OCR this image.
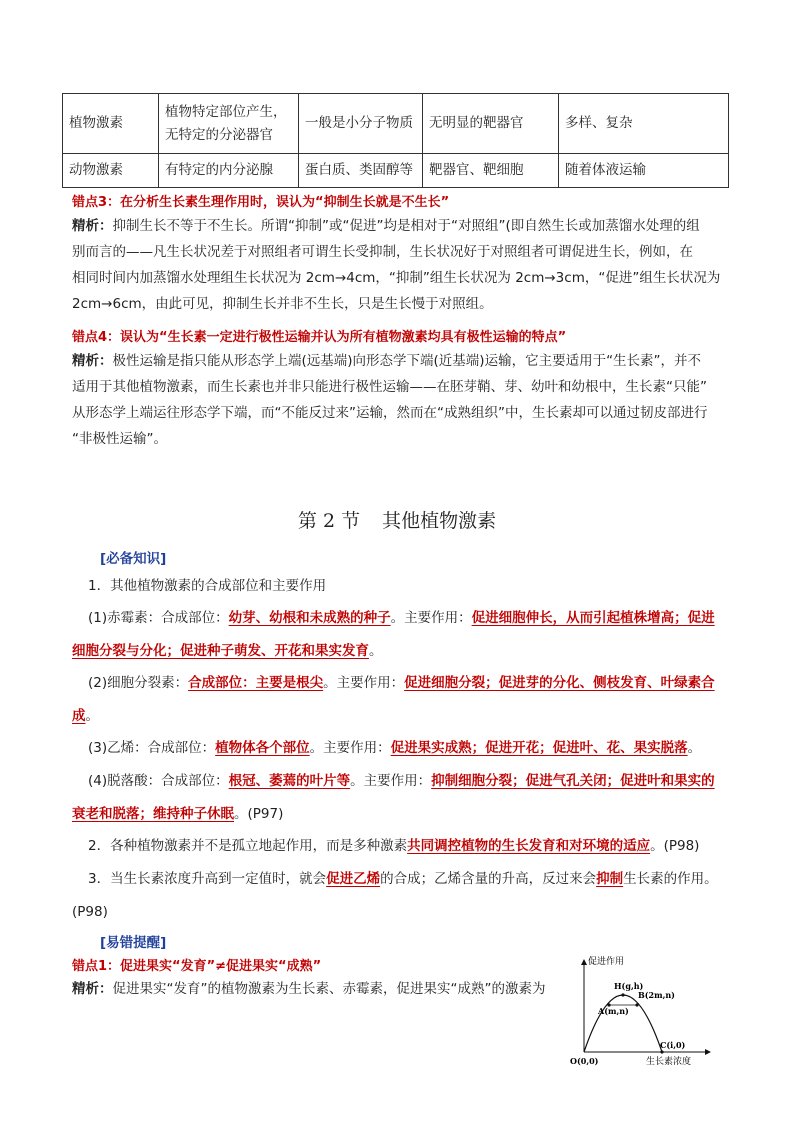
植物激素	植物特定部位产生，无特定的分泌器官	一般是小分子物质	无明显的靶器官	多样、复杂
动物激素	有特定的内分泌腺	蛋白质、类固醇等	靶器官、靶细胞	随着体液运输
错点3：在分析生长素生理作用时，误认为“抑制生长就是不生长”
精析：抑制生长不等于不生长。所谓“抑制”或“促进”均是相对于“对照组”(即自然生长或加蒸馏水处理的组
别而言的——凡生长状况差于对照组者可谓生长受抑制，生长状况好于对照组者可谓促进生长，例如，在
相同时间内加蒸馏水处理组生长状况为 2cm→4cm，“抑制”组生长状况为 2cm→3cm，“促进”组生长状况为
2cm→6cm，由此可见，抑制生长并非不生长，只是生长慢于对照组。
错点4：误认为“生长素一定进行极性运输并认为所有植物激素均具有极性运输的特点”
精析：极性运输是指只能从形态学上端(远基端)向形态学下端(近基端)运输，它主要适用于“生长素”，并不
适用于其他植物激素，而生长素也并非只能进行极性运输——在胚芽鞘、芽、幼叶和幼根中，生长素“只能”
从形态学上端运往形态学下端，而“不能反过来”运输，然而在“成熟组织”中，生长素却可以通过韧皮部进行
“非极性运输”。
第 2 节 其他植物激素
[必备知识]
1．其他植物激素的合成部位和主要作用
(1)赤霉素：合成部位：幼芽、幼根和未成熟的种子。主要作用：促进细胞伸长，从而引起植株增高；促进细胞分裂与分化；促进种子萌发、开花和果实发育。
(2)细胞分裂素：合成部位：主要是根尖。主要作用：促进细胞分裂；促进芽的分化、侧枝发育、叶绿素合成。
(3)乙烯：合成部位：植物体各个部位。主要作用：促进果实成熟；促进开花；促进叶、花、果实脱落。
(4)脱落酸：合成部位：根冠、萎蔫的叶片等。主要作用：抑制细胞分裂；促进气孔关闭；促进叶和果实的衰老和脱落；维持种子休眠。(P97)
2．各种植物激素并不是孤立地起作用，而是多种激素共同调控植物的生长发育和对环境的适应。(P98)
3．当生长素浓度升高到一定值时，就会促进乙烯的合成；乙烯含量的升高，反过来会抑制生长素的作用。(P98)
[易错提醒]
错点1：促进果实“发育”≠促进果实“成熟”
精析：促进果实“发育”的植物激素为生长素、赤霉素，促进果实“成熟”的激素为
促进作用
生长素浓度
O(0,0)
A(m,n)
H(g,h)
B(2m,n)
C(i,0)
